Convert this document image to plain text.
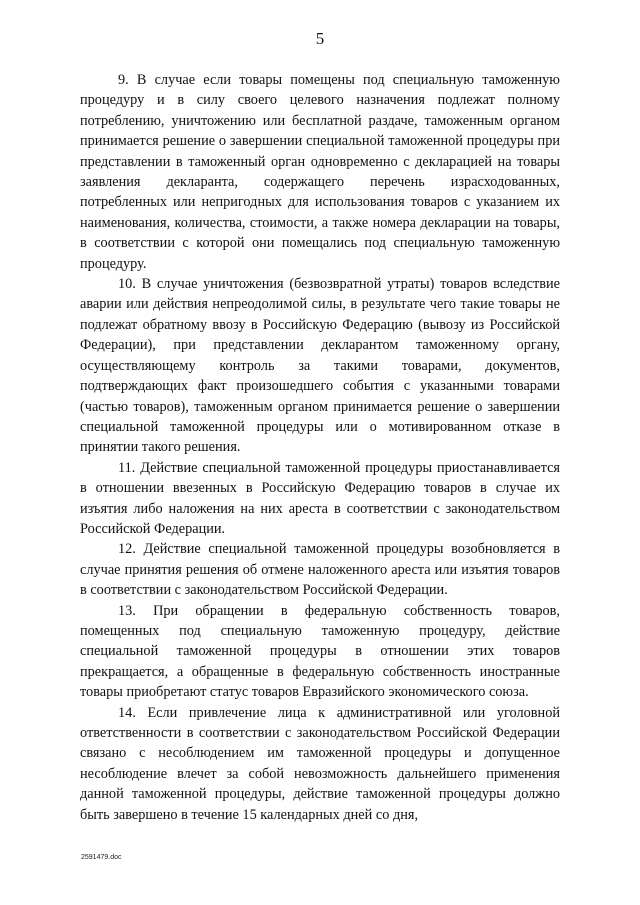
5

9. В случае если товары помещены под специальную таможенную процедуру и в силу своего целевого назначения подлежат полному потреблению, уничтожению или бесплатной раздаче, таможенным органом принимается решение о завершении специальной таможенной процедуры при представлении в таможенный орган одновременно с декларацией на товары заявления декларанта, содержащего перечень израсходованных, потребленных или непригодных для использования товаров с указанием их наименования, количества, стоимости, а также номера декларации на товары, в соответствии с которой они помещались под специальную таможенную процедуру.

10. В случае уничтожения (безвозвратной утраты) товаров вследствие аварии или действия непреодолимой силы, в результате чего такие товары не подлежат обратному ввозу в Российскую Федерацию (вывозу из Российской Федерации), при представлении декларантом таможенному органу, осуществляющему контроль за такими товарами, документов, подтверждающих факт произошедшего события с указанными товарами (частью товаров), таможенным органом принимается решение о завершении специальной таможенной процедуры или о мотивированном отказе в принятии такого решения.

11. Действие специальной таможенной процедуры приостанавливается в отношении ввезенных в Российскую Федерацию товаров в случае их изъятия либо наложения на них ареста в соответствии с законодательством Российской Федерации.

12. Действие специальной таможенной процедуры возобновляется в случае принятия решения об отмене наложенного ареста или изъятия товаров в соответствии с законодательством Российской Федерации.

13. При обращении в федеральную собственность товаров, помещенных под специальную таможенную процедуру, действие специальной таможенной процедуры в отношении этих товаров прекращается, а обращенные в федеральную собственность иностранные товары приобретают статус товаров Евразийского экономического союза.

14. Если привлечение лица к административной или уголовной ответственности в соответствии с законодательством Российской Федерации связано с несоблюдением им таможенной процедуры и допущенное несоблюдение влечет за собой невозможность дальнейшего применения данной таможенной процедуры, действие таможенной процедуры должно быть завершено в течение 15 календарных дней со дня,

2591479.doc
